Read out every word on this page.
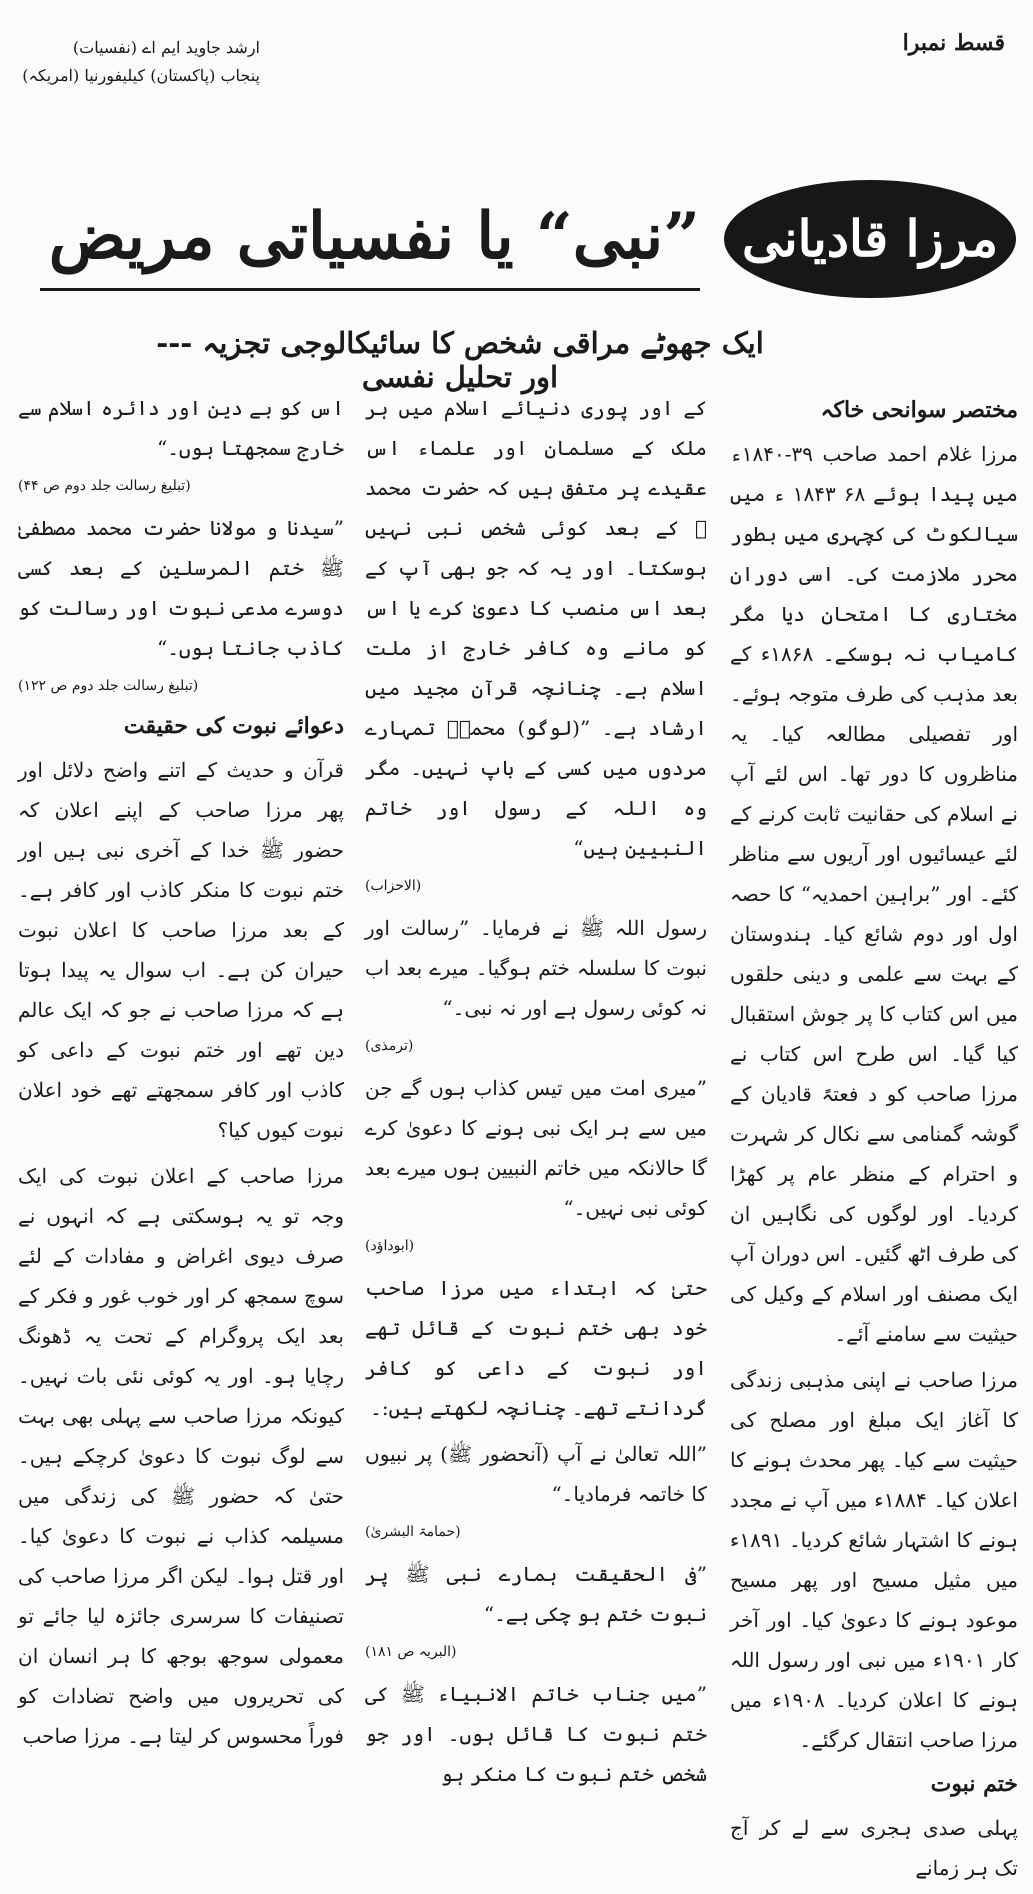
ارشد جاوید ایم اے (نفسیات)
پنجاب (پاکستان) کیلیفورنیا (امریکہ)
قسط نمبرا
”نبی“ یا نفسیاتی مریض مرزا قادیانی
ایک جھوٹے مراقی شخص کا سائیکالوجی تجزیہ --- اور تحلیل نفسی
مختصر سوانحی خاکہ

مرزا غلام احمد صاحب ۳۹-۱۸۴۰ء میں پیدا ہوئے ۶۸ ۱۸۴۳ ء میں سیالکوٹ کی کچہری میں بطور محرر ملازمت کی۔ اسی دوران مختاری کا امتحان دیا مگر کامیاب نہ ہوسکے۔ ۱۸۶۸ء کے بعد مذہب کی طرف متوجہ ہوئے۔ اور تفصیلی مطالعہ کیا۔ یہ مناظروں کا دور تھا۔ اس لئے آپ نے اسلام کی حقانیت ثابت کرنے کے لئے عیسائیوں اور آریوں سے مناظر کئے۔ اور ”براہین احمدیہ“ کا حصہ اول اور دوم شائع کیا۔ ہندوستان کے بہت سے علمی و دینی حلقوں میں اس کتاب کا پر جوش استقبال کیا گیا۔ اس طرح اس کتاب نے مرزا صاحب کو د فعتہً قادیان کے گوشہ گمنامی سے نکال کر شہرت و احترام کے منظر عام پر کھڑا کردیا۔ اور لوگوں کی نگاہیں ان کی طرف اٹھ گئیں۔ اس دوران آپ ایک مصنف اور اسلام کے وکیل کی حیثیت سے سامنے آئے۔

مرزا صاحب نے اپنی مذہبی زندگی کا آغاز ایک مبلغ اور مصلح کی حیثیت سے کیا۔ پھر محدث ہونے کا اعلان کیا۔ ۱۸۸۴ء میں آپ نے مجدد ہونے کا اشتہار شائع کردیا۔ ۱۸۹۱ء میں مثیل مسیح اور پھر مسیح موعود ہونے کا دعویٰ کیا۔ اور آخر کار ۱۹۰۱ء میں نبی اور رسول اللہ ہونے کا اعلان کردیا۔ ۱۹۰۸ء میں مرزا صاحب انتقال کرگئے۔

ختم نبوت

پہلی صدی ہجری سے لے کر آج تک ہر زمانے

کے اور پوری دنیائے اسلام میں ہر ملک کے مسلمان اور علماء اس عقیدے پر متفق ہیں کہ حضرت محمد ﷺ کے بعد کوئی شخص نبی نہیں ہوسکتا۔ اور یہ کہ جو بھی آپ کے بعد اس منصب کا دعویٰ کرے یا اس کو مانے وہ کافر خارج از ملت اسلام ہے۔ چنانچہ قرآن مجید میں ارشاد ہے۔ ”(لوگو) محمدؐ تمہارے مردوں میں کسی کے باپ نہیں۔ مگر وہ اللہ کے رسول اور خاتم النبیین ہیں“

(الاحزاب)

رسول اللہ ﷺ نے فرمایا۔ ”رسالت اور نبوت کا سلسلہ ختم ہوگیا۔ میرے بعد اب نہ کوئی رسول ہے اور نہ نبی۔“

(ترمذی)

”میری امت میں تیس کذاب ہوں گے جن میں سے ہر ایک نبی ہونے کا دعویٰ کرے گا حالانکہ میں خاتم النبیین ہوں میرے بعد کوئی نبی نہیں۔“

(ابوداؤد)

حتیٰ کہ ابتداء میں مرزا صاحب خود بھی ختم نبوت کے قائل تھے اور نبوت کے داعی کو کافر گردانتے تھے۔ چنانچہ لکھتے ہیں:۔

”اللہ تعالیٰ نے آپ (آنحضور ﷺ) پر نبیوں کا خاتمہ فرمادیا۔“

(حمامۃ البشریٰ)

”فی الحقیقت ہمارے نبی ﷺ پر نبوت ختم ہو چکی ہے۔“

(البریہ ص ۱۸۱)

”میں جناب خاتم الانبیاء ﷺ کی ختم نبوت کا قائل ہوں۔ اور جو شخص ختم نبوت کا منکر ہو

اس کو بے دین اور دائرہ اسلام سے خارج سمجھتا ہوں۔“

(تبلیغ رسالت جلد دوم ص ۴۴)

”سیدنا و مولانا حضرت محمد مصطفیٰ ﷺ ختم المرسلین کے بعد کسی دوسرے مدعی نبوت اور رسالت کو کاذب جانتا ہوں۔“

(تبلیغ رسالت جلد دوم ص ۱۲۲)
دعوائے نبوت کی حقیقت

قرآن و حدیث کے اتنے واضح دلائل اور پھر مرزا صاحب کے اپنے اعلان کہ حضور ﷺ خدا کے آخری نبی ہیں اور ختم نبوت کا منکر کاذب اور کافر ہے۔ کے بعد مرزا صاحب کا اعلان نبوت حیران کن ہے۔ اب سوال یہ پیدا ہوتا ہے کہ مرزا صاحب نے جو کہ ایک عالم دین تھے اور ختم نبوت کے داعی کو کاذب اور کافر سمجھتے تھے خود اعلان نبوت کیوں کیا؟

مرزا صاحب کے اعلان نبوت کی ایک وجہ تو یہ ہوسکتی ہے کہ انہوں نے صرف دیوی اغراض و مفادات کے لئے سوچ سمجھ کر اور خوب غور و فکر کے بعد ایک پروگرام کے تحت یہ ڈھونگ رچایا ہو۔ اور یہ کوئی نئی بات نہیں۔ کیونکہ مرزا صاحب سے پہلی بھی بہت سے لوگ نبوت کا دعویٰ کرچکے ہیں۔ حتیٰ کہ حضور ﷺ کی زندگی میں مسیلمہ کذاب نے نبوت کا دعویٰ کیا۔ اور قتل ہوا۔ لیکن اگر مرزا صاحب کی تصنیفات کا سرسری جائزہ لیا جائے تو معمولی سوجھ بوجھ کا ہر انسان ان کی تحریروں میں واضح تضادات کو فوراً محسوس کر لیتا ہے۔ مرزا صاحب
